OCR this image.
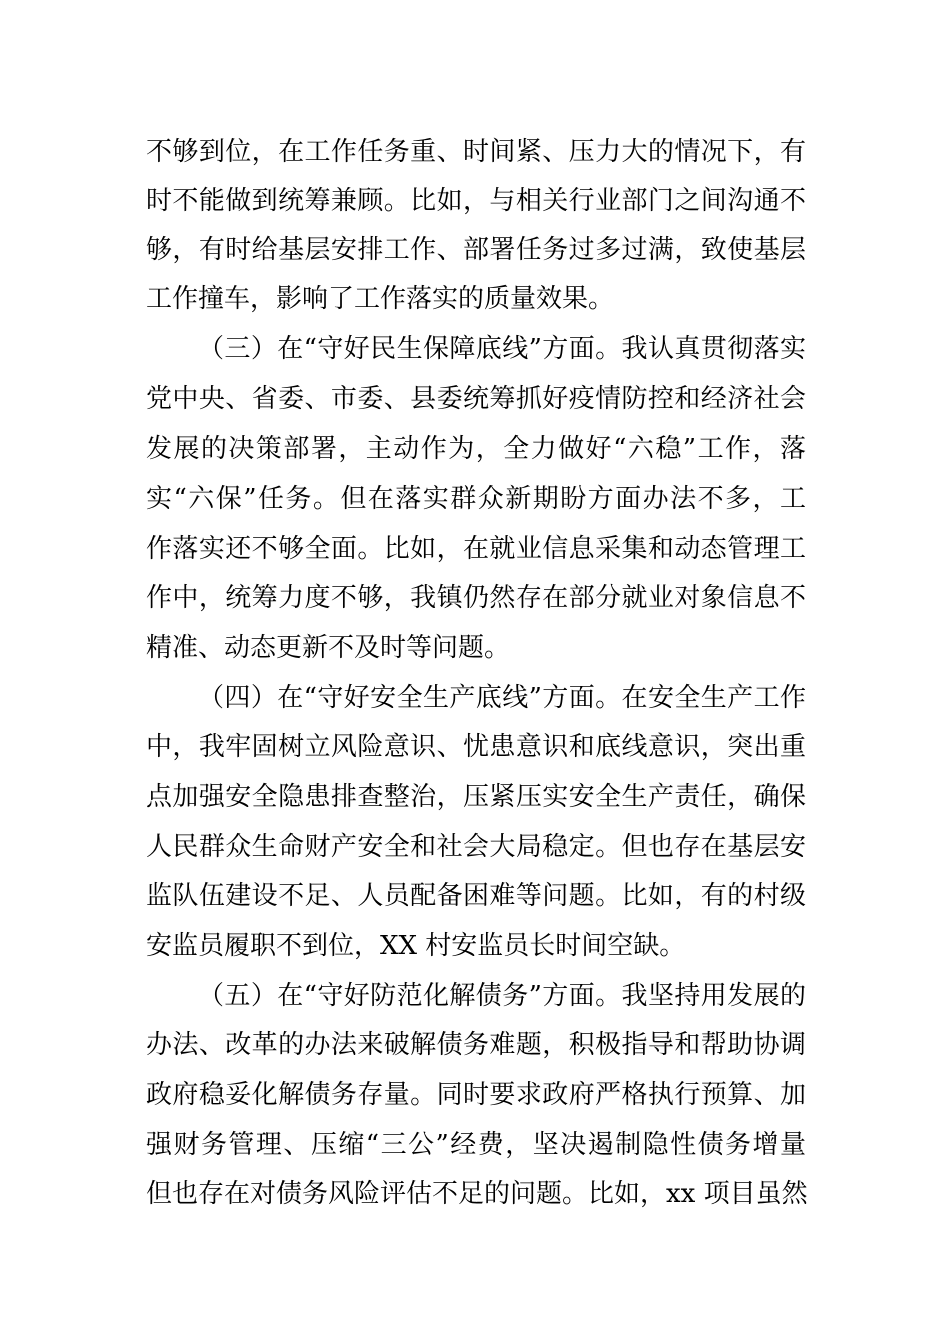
不够到位，在工作任务重、时间紧、压力大的情况下，有
时不能做到统筹兼顾。比如，与相关行业部门之间沟通不
够，有时给基层安排工作、部署任务过多过满，致使基层
工作撞车，影响了工作落实的质量效果。
（三）在“守好民生保障底线”方面。我认真贯彻落实
党中央、省委、市委、县委统筹抓好疫情防控和经济社会
发展的决策部署，主动作为，全力做好“六稳”工作，落
实“六保”任务。但在落实群众新期盼方面办法不多，工
作落实还不够全面。比如，在就业信息采集和动态管理工
作中，统筹力度不够，我镇仍然存在部分就业对象信息不
精准、动态更新不及时等问题。
（四）在“守好安全生产底线”方面。在安全生产工作
中，我牢固树立风险意识、忧患意识和底线意识，突出重
点加强安全隐患排查整治，压紧压实安全生产责任，确保
人民群众生命财产安全和社会大局稳定。但也存在基层安
监队伍建设不足、人员配备困难等问题。比如，有的村级
安监员履职不到位，XX 村安监员长时间空缺。
（五）在“守好防范化解债务”方面。我坚持用发展的
办法、改革的办法来破解债务难题，积极指导和帮助协调
政府稳妥化解债务存量。同时要求政府严格执行预算、加
强财务管理、压缩“三公”经费，坚决遏制隐性债务增量
但也存在对债务风险评估不足的问题。比如，xx 项目虽然
